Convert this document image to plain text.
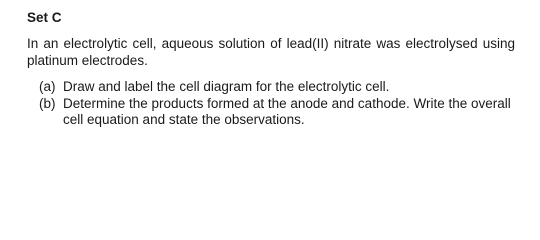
Set C

In an electrolytic cell, aqueous solution of lead(II) nitrate was electrolysed using platinum electrodes.

(a) Draw and label the cell diagram for the electrolytic cell.
(b) Determine the products formed at the anode and cathode. Write the overall cell equation and state the observations.
